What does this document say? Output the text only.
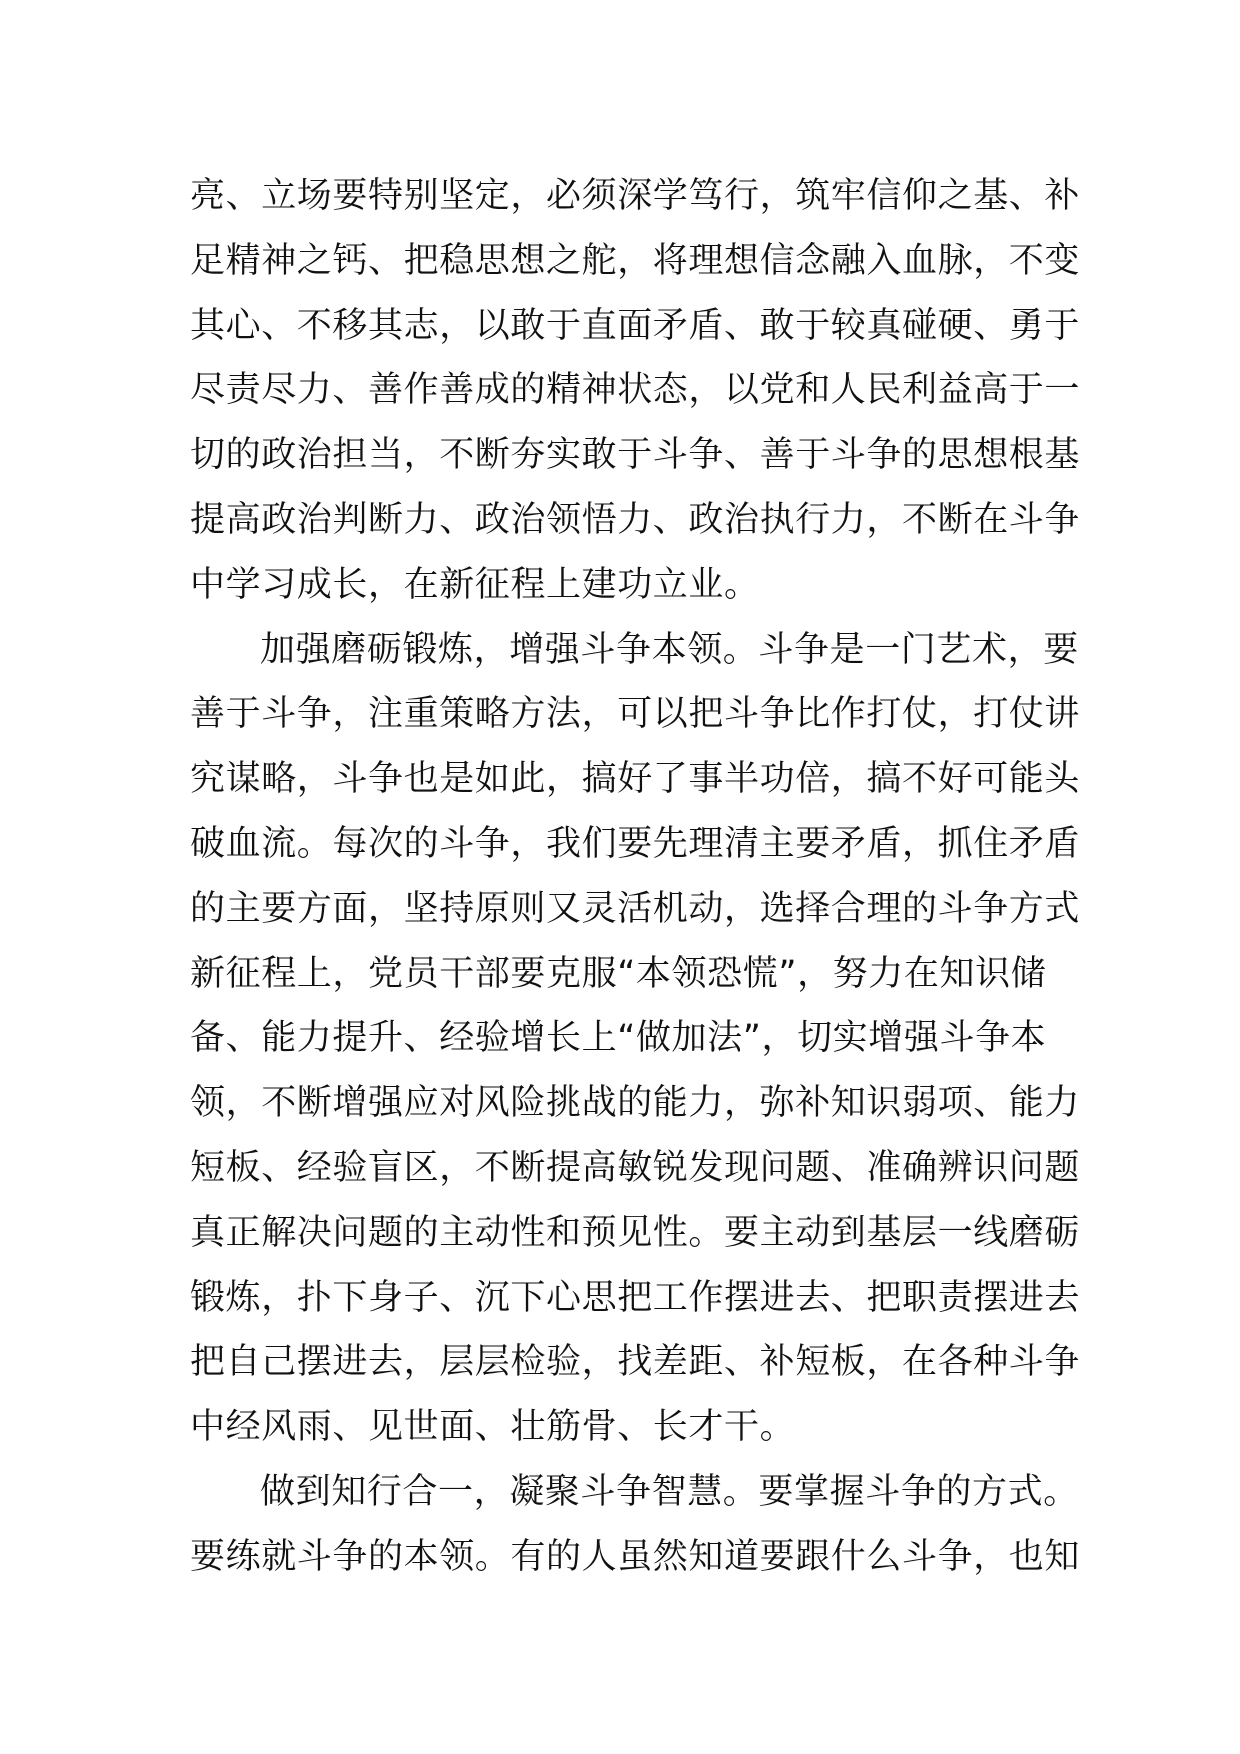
亮、立场要特别坚定，必须深学笃行，筑牢信仰之基、补
足精神之钙、把稳思想之舵，将理想信念融入血脉，不变
其心、不移其志，以敢于直面矛盾、敢于较真碰硬、勇于
尽责尽力、善作善成的精神状态，以党和人民利益高于一
切的政治担当，不断夯实敢于斗争、善于斗争的思想根基
提高政治判断力、政治领悟力、政治执行力，不断在斗争
中学习成长，在新征程上建功立业。
加强磨砺锻炼，增强斗争本领。斗争是一门艺术，要
善于斗争，注重策略方法，可以把斗争比作打仗，打仗讲
究谋略，斗争也是如此，搞好了事半功倍，搞不好可能头
破血流。每次的斗争，我们要先理清主要矛盾，抓住矛盾
的主要方面，坚持原则又灵活机动，选择合理的斗争方式
新征程上，党员干部要克服“本领恐慌”，努力在知识储
备、能力提升、经验增长上“做加法”，切实增强斗争本
领，不断增强应对风险挑战的能力，弥补知识弱项、能力
短板、经验盲区，不断提高敏锐发现问题、准确辨识问题
真正解决问题的主动性和预见性。要主动到基层一线磨砺
锻炼，扑下身子、沉下心思把工作摆进去、把职责摆进去
把自己摆进去，层层检验，找差距、补短板，在各种斗争
中经风雨、见世面、壮筋骨、长才干。
做到知行合一，凝聚斗争智慧。要掌握斗争的方式。
要练就斗争的本领。有的人虽然知道要跟什么斗争，也知
